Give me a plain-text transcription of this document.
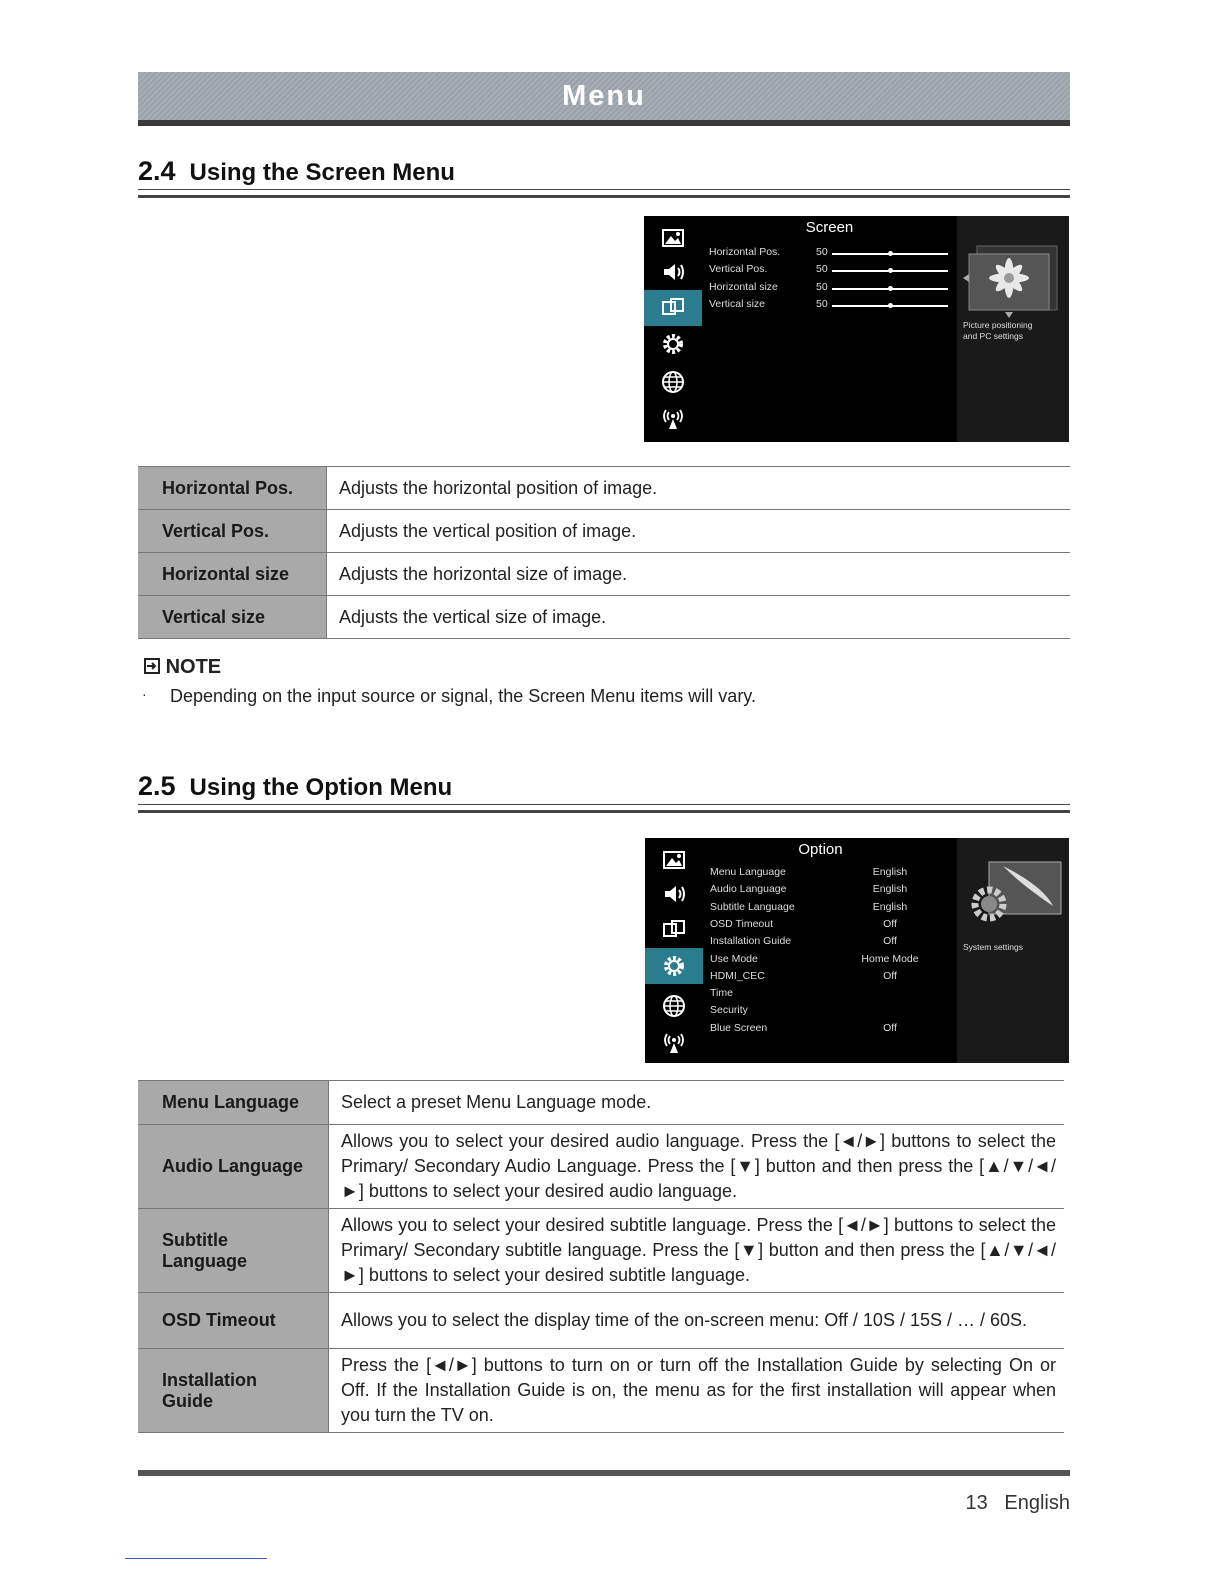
Menu
2.4 Using the Screen Menu
Screen
Horizontal Pos.	50
Vertical Pos.	50
Horizontal size	50
Vertical size	50
Picture positioning
and PC settings
Horizontal Pos.	Adjusts the horizontal position of image.
Vertical Pos.	Adjusts the vertical position of image.
Horizontal size	Adjusts the horizontal size of image.
Vertical size	Adjusts the vertical size of image.
NOTE
· Depending on the input source or signal, the Screen Menu items will vary.
2.5 Using the Option Menu
Option
Menu Language	English
Audio Language	English
Subtitle Language	English
OSD Timeout	Off
Installation Guide	Off
Use Mode	Home Mode
HDMI_CEC	Off
Time
Security
Blue Screen	Off
System settings
Menu Language	Select a preset Menu Language mode.
Audio Language	Allows you to select your desired audio language. Press the [◄/►] buttons to select the Primary/ Secondary Audio Language. Press the [▼] button and then press the [▲/▼/◄/►] buttons to select your desired audio language.

Subtitle
Language	Allows you to select your desired subtitle language. Press the [◄/►] buttons to select the Primary/ Secondary subtitle language. Press the [▼] button and then press the [▲/▼/◄/►] buttons to select your desired subtitle language.
OSD Timeout	Allows you to select the display time of the on-screen menu: Off / 10S / 15S / … / 60S.

Installation
Guide	Press the [◄/►] buttons to turn on or turn off the Installation Guide by selecting On or Off. If the Installation Guide is on, the menu as for the first installation will appear when you turn the TV on.
13 English
